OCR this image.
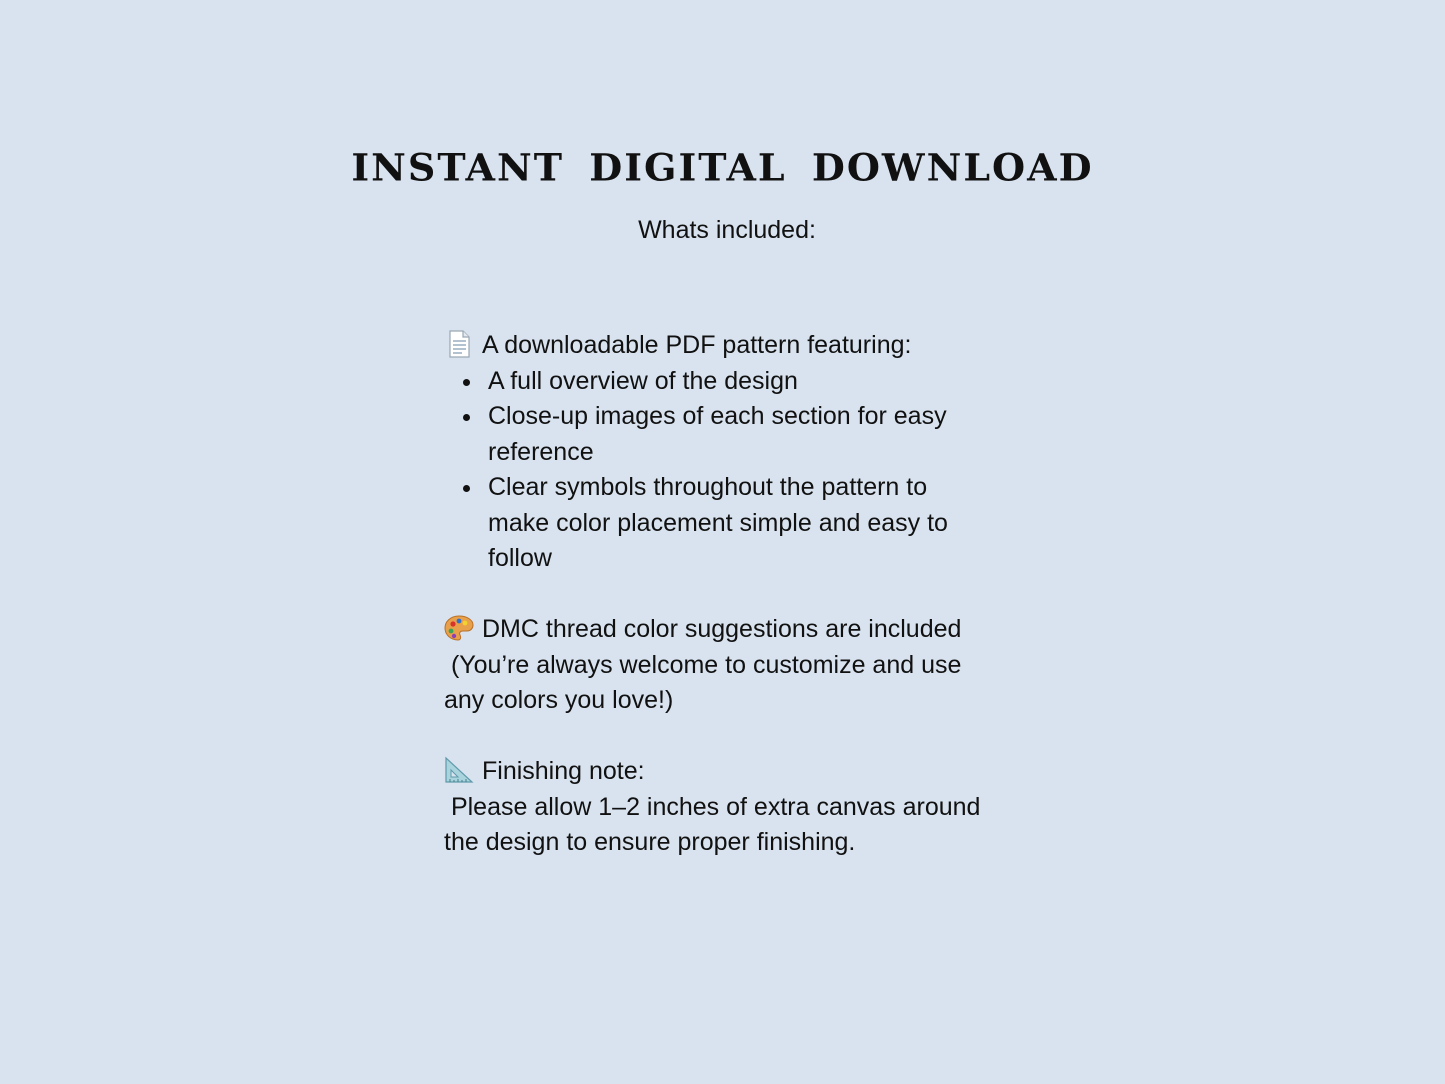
INSTANT DIGITAL DOWNLOAD

Whats included:

A downloadable PDF pattern featuring:
A full overview of the design
Close-up images of each section for easy reference
Clear symbols throughout the pattern to make color placement simple and easy to follow
DMC thread color suggestions are included
(You’re always welcome to customize and use
any colors you love!)
Finishing note:
Please allow 1–2 inches of extra canvas around
the design to ensure proper finishing.
